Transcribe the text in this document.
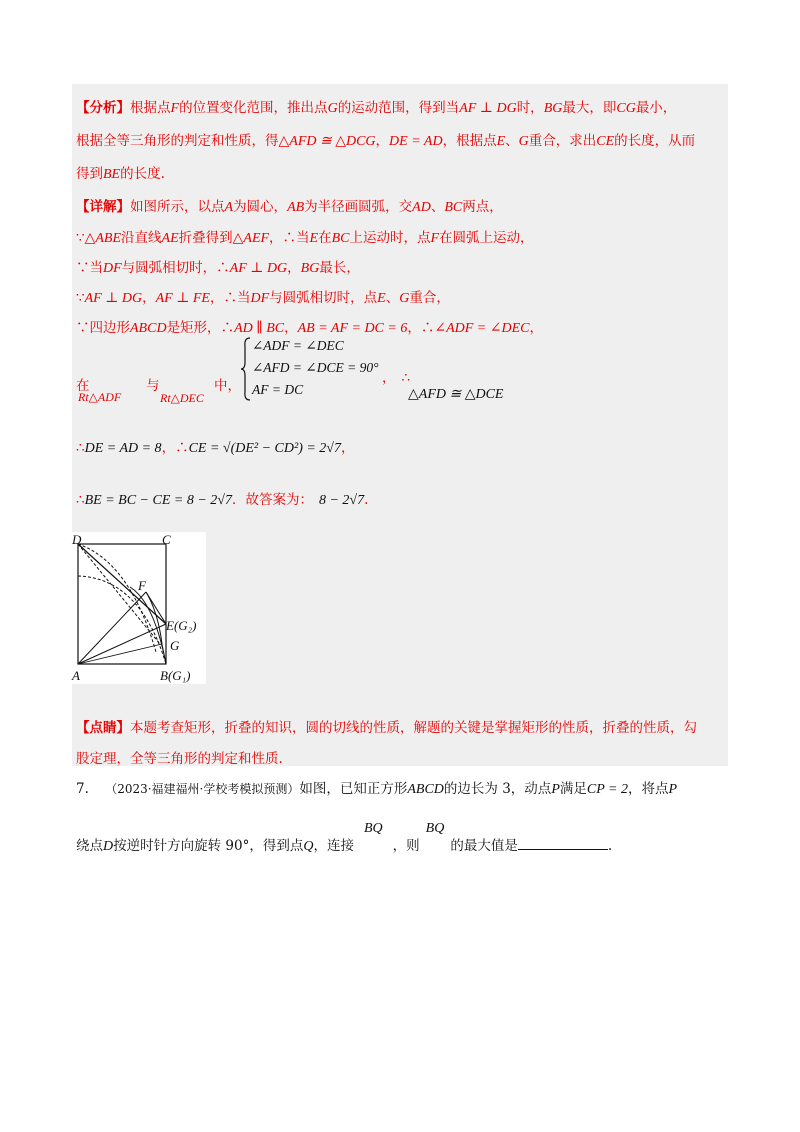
【分析】根据点F的位置变化范围，推出点G的运动范围，得到当AF ⊥ DG时，BG最大，即CG最小，
根据全等三角形的判定和性质，得△AFD ≅ △DCG，DE = AD，根据点E、G重合，求出CE的长度，从而
得到BE的长度.
【详解】如图所示，以点A为圆心，AB为半径画圆弧，交AD、BC两点，
∵△ABE沿直线AE折叠得到△AEF，∴当E在BC上运动时，点F在圆弧上运动，
∵当DF与圆弧相切时，∴AF ⊥ DG，BG最长，
∵AF ⊥ DG，AF ⊥ FE，∴当DF与圆弧相切时，点E、G重合，
∵四边形ABCD是矩形，∴AD ∥ BC，AB = AF = DC = 6，∴∠ADF = ∠DEC，
在
Rt△ADF
与
Rt△DEC
中，
∠ADF = ∠DEC
∠AFD = ∠DCE = 90°
AF = DC
， ∴
△AFD ≅ △DCE
∴DE = AD = 8，∴CE = √(DE² − CD²) = 2√7，
∴BE = BC − CE = 8 − 2√7．故答案为： 8 − 2√7.
D	C
F
E(G₂)
G
A	B(G₁)
【点睛】本题考查矩形，折叠的知识，圆的切线的性质，解题的关键是掌握矩形的性质，折叠的性质，勾
股定理，全等三角形的判定和性质.
7. （2023·福建福州·学校考模拟预测）如图，已知正方形ABCD的边长为 3，动点P满足CP = 2，将点P
绕点D按逆时针方向旋转 90°，得到点Q，连接BQ，则BQ的最大值是	.
